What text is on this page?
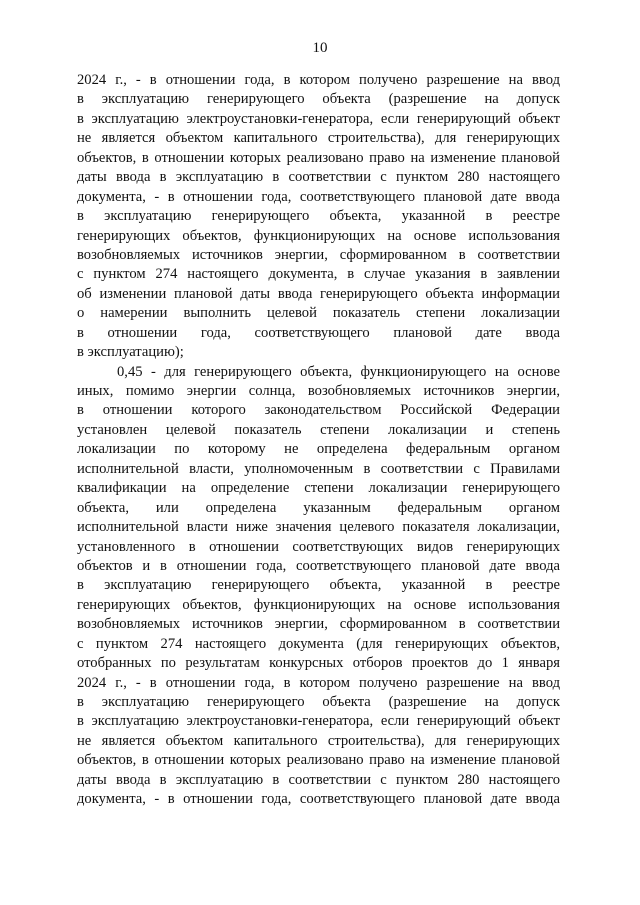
10
2024 г., - в отношении года, в котором получено разрешение на ввод
в эксплуатацию генерирующего объекта (разрешение на допуск
в эксплуатацию электроустановки-генератора, если генерирующий объект
не является объектом капитального строительства), для генерирующих
объектов, в отношении которых реализовано право на изменение плановой
даты ввода в эксплуатацию в соответствии с пунктом 280 настоящего
документа, - в отношении года, соответствующего плановой дате ввода
в эксплуатацию генерирующего объекта, указанной в реестре
генерирующих объектов, функционирующих на основе использования
возобновляемых источников энергии, сформированном в соответствии
с пунктом 274 настоящего документа, в случае указания в заявлении
об изменении плановой даты ввода генерирующего объекта информации
о намерении выполнить целевой показатель степени локализации
в отношении года, соответствующего плановой дате ввода
в эксплуатацию);
0,45 - для генерирующего объекта, функционирующего на основе
иных, помимо энергии солнца, возобновляемых источников энергии,
в отношении которого законодательством Российской Федерации
установлен целевой показатель степени локализации и степень
локализации по которому не определена федеральным органом
исполнительной власти, уполномоченным в соответствии с Правилами
квалификации на определение степени локализации генерирующего
объекта, или определена указанным федеральным органом
исполнительной власти ниже значения целевого показателя локализации,
установленного в отношении соответствующих видов генерирующих
объектов и в отношении года, соответствующего плановой дате ввода
в эксплуатацию генерирующего объекта, указанной в реестре
генерирующих объектов, функционирующих на основе использования
возобновляемых источников энергии, сформированном в соответствии
с пунктом 274 настоящего документа (для генерирующих объектов,
отобранных по результатам конкурсных отборов проектов до 1 января
2024 г., - в отношении года, в котором получено разрешение на ввод
в эксплуатацию генерирующего объекта (разрешение на допуск
в эксплуатацию электроустановки-генератора, если генерирующий объект
не является объектом капитального строительства), для генерирующих
объектов, в отношении которых реализовано право на изменение плановой
даты ввода в эксплуатацию в соответствии с пунктом 280 настоящего
документа, - в отношении года, соответствующего плановой дате ввода
